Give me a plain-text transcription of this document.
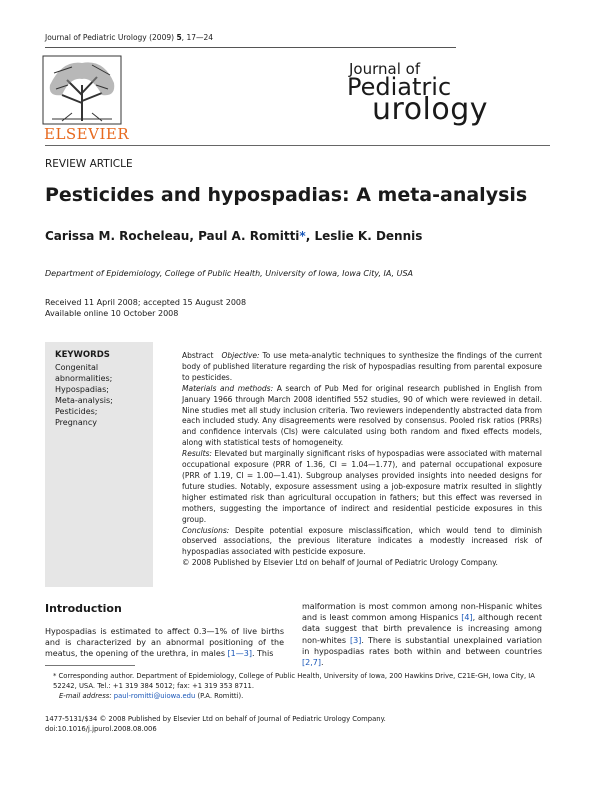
Journal of Pediatric Urology (2009) 5, 17—24
ELSEVIER
Journal of
Pediatric
urology
REVIEW ARTICLE
Pesticides and hypospadias: A meta-analysis
Carissa M. Rocheleau, Paul A. Romitti*, Leslie K. Dennis
Department of Epidemiology, College of Public Health, University of Iowa, Iowa City, IA, USA
Received 11 April 2008; accepted 15 August 2008
Available online 10 October 2008
KEYWORDS
Congenital
abnormalities;
Hypospadias;
Meta-analysis;
Pesticides;
Pregnancy

Abstract Objective: To use meta-analytic techniques to synthesize the findings of the current body of published literature regarding the risk of hypospadias resulting from parental exposure to pesticides.

Materials and methods: A search of Pub Med for original research published in English from January 1966 through March 2008 identified 552 studies, 90 of which were reviewed in detail. Nine studies met all study inclusion criteria. Two reviewers independently abstracted data from each included study. Any disagreements were resolved by consensus. Pooled risk ratios (PRRs) and confidence intervals (CIs) were calculated using both random and fixed effects models, along with statistical tests of homogeneity.

Results: Elevated but marginally significant risks of hypospadias were associated with maternal occupational exposure (PRR of 1.36, CI = 1.04—1.77), and paternal occupational exposure (PRR of 1.19, CI = 1.00—1.41). Subgroup analyses provided insights into needed designs for future studies. Notably, exposure assessment using a job-exposure matrix resulted in slightly higher estimated risk than agricultural occupation in fathers; but this effect was reversed in mothers, suggesting the importance of indirect and residential pesticide exposures in this group.

Conclusions: Despite potential exposure misclassification, which would tend to diminish observed associations, the previous literature indicates a modestly increased risk of hypospadias associated with pesticide exposure.

© 2008 Published by Elsevier Ltd on behalf of Journal of Pediatric Urology Company.

Introduction
Hypospadias is estimated to affect 0.3—1% of live births and is characterized by an abnormal positioning of the meatus, the opening of the urethra, in males [1—3]. This
malformation is most common among non-Hispanic whites and is least common among Hispanics [4], although recent data suggest that birth prevalence is increasing among non-whites [3]. There is substantial unexplained variation in hypospadias rates both within and between countries [2,7].
* Corresponding author. Department of Epidemiology, College of Public Health, University of Iowa, 200 Hawkins Drive, C21E-GH, Iowa City, IA 52242, USA. Tel.: +1 319 384 5012; fax: +1 319 353 8711.
E-mail address: paul-romitti@uiowa.edu (P.A. Romitti).
1477-5131/$34 © 2008 Published by Elsevier Ltd on behalf of Journal of Pediatric Urology Company.
doi:10.1016/j.jpurol.2008.08.006
